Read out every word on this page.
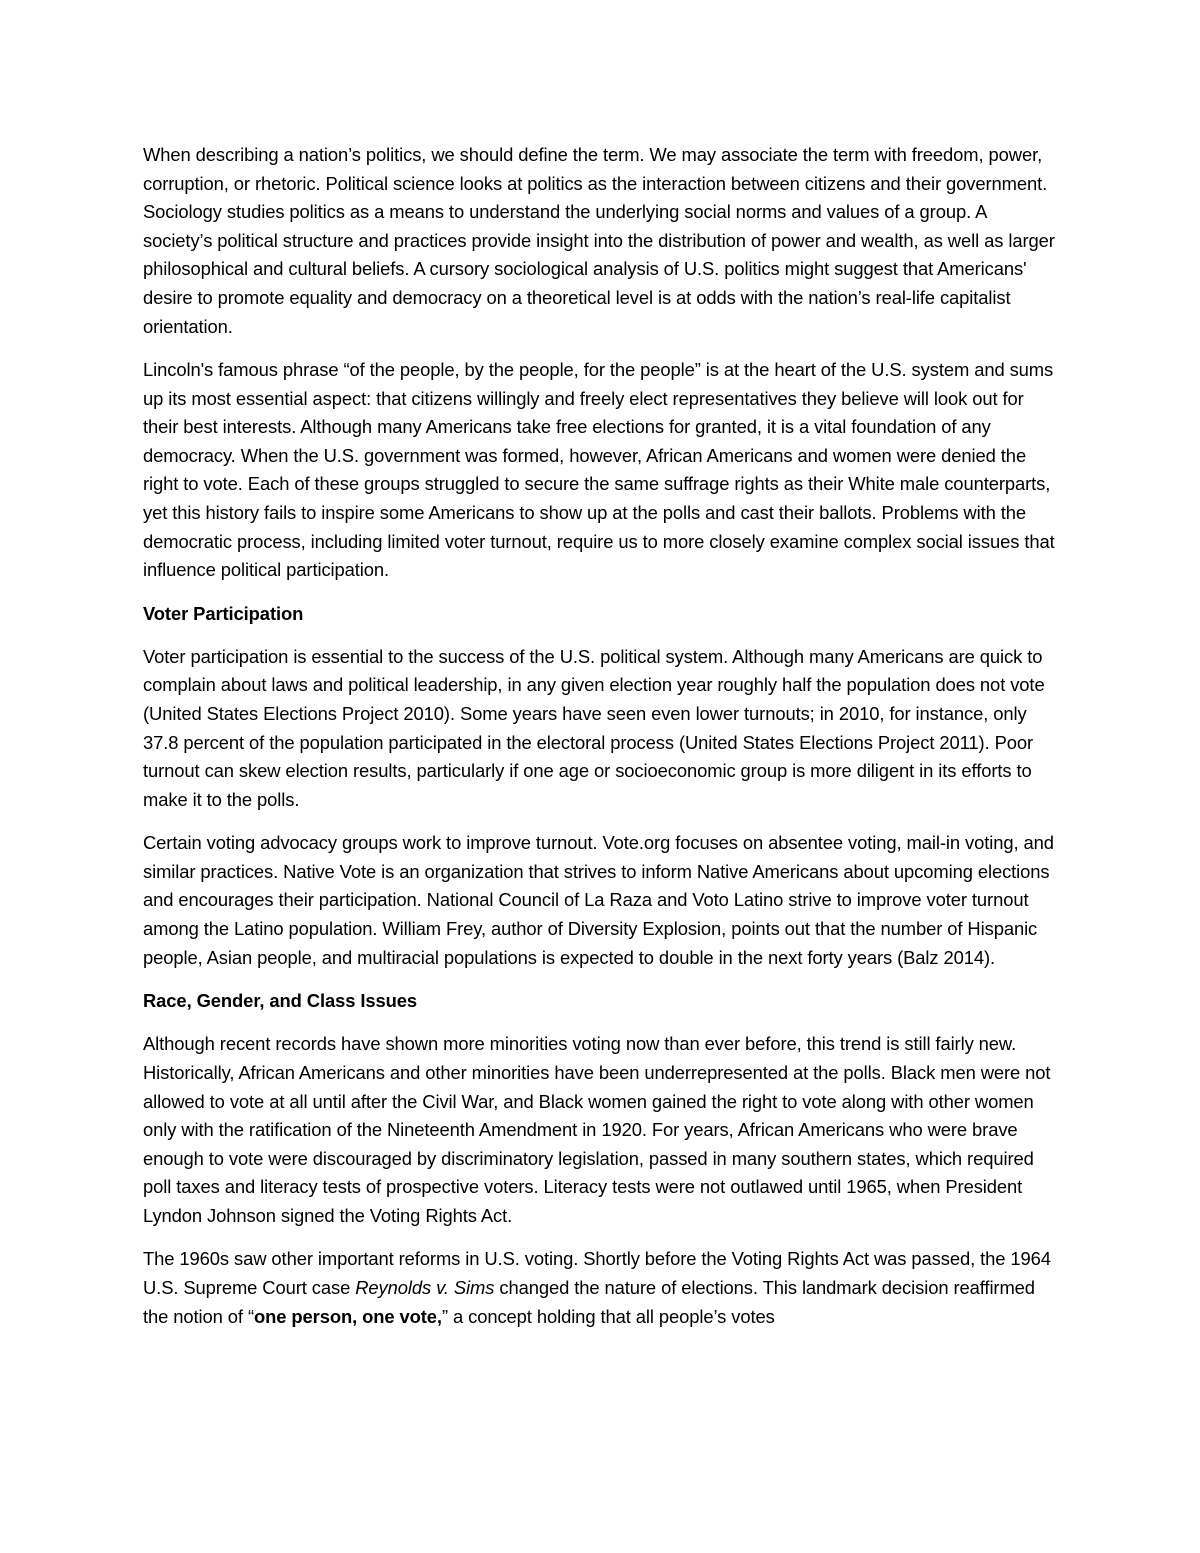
When describing a nation’s politics, we should define the term. We may associate the term with freedom, power, corruption, or rhetoric. Political science looks at politics as the interaction between citizens and their government. Sociology studies politics as a means to understand the underlying social norms and values of a group. A society’s political structure and practices provide insight into the distribution of power and wealth, as well as larger philosophical and cultural beliefs. A cursory sociological analysis of U.S. politics might suggest that Americans' desire to promote equality and democracy on a theoretical level is at odds with the nation’s real-life capitalist orientation.

Lincoln's famous phrase “of the people, by the people, for the people” is at the heart of the U.S. system and sums up its most essential aspect: that citizens willingly and freely elect representatives they believe will look out for their best interests. Although many Americans take free elections for granted, it is a vital foundation of any democracy. When the U.S. government was formed, however, African Americans and women were denied the right to vote. Each of these groups struggled to secure the same suffrage rights as their White male counterparts, yet this history fails to inspire some Americans to show up at the polls and cast their ballots. Problems with the democratic process, including limited voter turnout, require us to more closely examine complex social issues that influence political participation.

Voter Participation

Voter participation is essential to the success of the U.S. political system. Although many Americans are quick to complain about laws and political leadership, in any given election year roughly half the population does not vote (United States Elections Project 2010). Some years have seen even lower turnouts; in 2010, for instance, only 37.8 percent of the population participated in the electoral process (United States Elections Project 2011). Poor turnout can skew election results, particularly if one age or socioeconomic group is more diligent in its efforts to make it to the polls.

Certain voting advocacy groups work to improve turnout. Vote.org focuses on absentee voting, mail-in voting, and similar practices. Native Vote is an organization that strives to inform Native Americans about upcoming elections and encourages their participation. National Council of La Raza and Voto Latino strive to improve voter turnout among the Latino population. William Frey, author of Diversity Explosion, points out that the number of Hispanic people, Asian people, and multiracial populations is expected to double in the next forty years (Balz 2014).

Race, Gender, and Class Issues

Although recent records have shown more minorities voting now than ever before, this trend is still fairly new. Historically, African Americans and other minorities have been underrepresented at the polls. Black men were not allowed to vote at all until after the Civil War, and Black women gained the right to vote along with other women only with the ratification of the Nineteenth Amendment in 1920. For years, African Americans who were brave enough to vote were discouraged by discriminatory legislation, passed in many southern states, which required poll taxes and literacy tests of prospective voters. Literacy tests were not outlawed until 1965, when President Lyndon Johnson signed the Voting Rights Act.

The 1960s saw other important reforms in U.S. voting. Shortly before the Voting Rights Act was passed, the 1964 U.S. Supreme Court case Reynolds v. Sims changed the nature of elections. This landmark decision reaffirmed the notion of “one person, one vote,” a concept holding that all people’s votes
